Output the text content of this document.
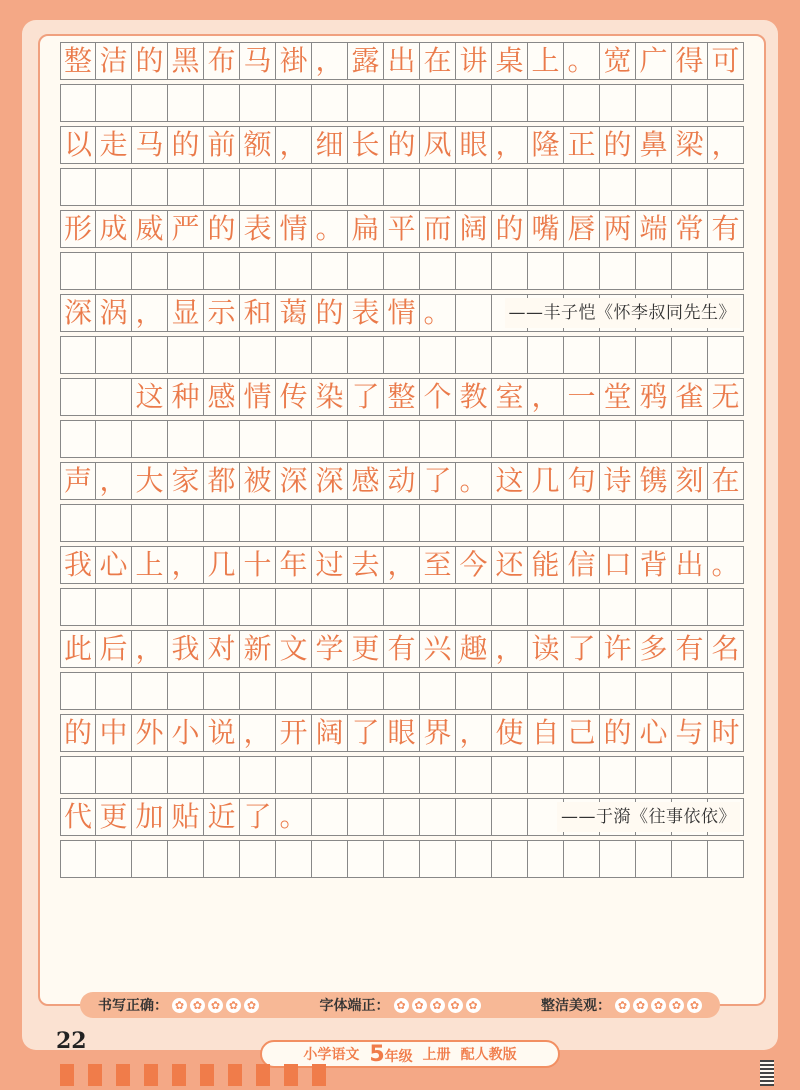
整 洁 的 黑 布 马 褂 ， 露 出 在 讲 桌 上 。 宽 广 得 可
以 走 马 的 前 额 ， 细 长 的 凤 眼 ， 隆 正 的 鼻 梁 ，
形 成 威 严 的 表 情 。 扁 平 而 阔 的 嘴 唇 两 端 常 有
深 涡 ， 显 示 和 蔼 的 表 情 。	——丰子恺《怀李叔同先生》
这 种 感 情 传 染 了 整 个 教 室 ， 一 堂 鸦 雀 无
声 ， 大 家 都 被 深 深 感 动 了 。 这 几 句 诗 镌 刻 在
我 心 上 ， 几 十 年 过 去 ， 至 今 还 能 信 口 背 出 。
此 后 ， 我 对 新 文 学 更 有 兴 趣 ， 读 了 许 多 有 名
的 中 外 小 说 ， 开 阔 了 眼 界 ， 使 自 己 的 心 与 时
代 更 加 贴 近 了 。	——于漪《往事依依》
书写正确： ✿ ✿ ✿ ✿ ✿	字体端正： ✿ ✿ ✿ ✿ ✿	整洁美观： ✿ ✿ ✿ ✿ ✿
22
小学语文 5年级 上册 配人教版
